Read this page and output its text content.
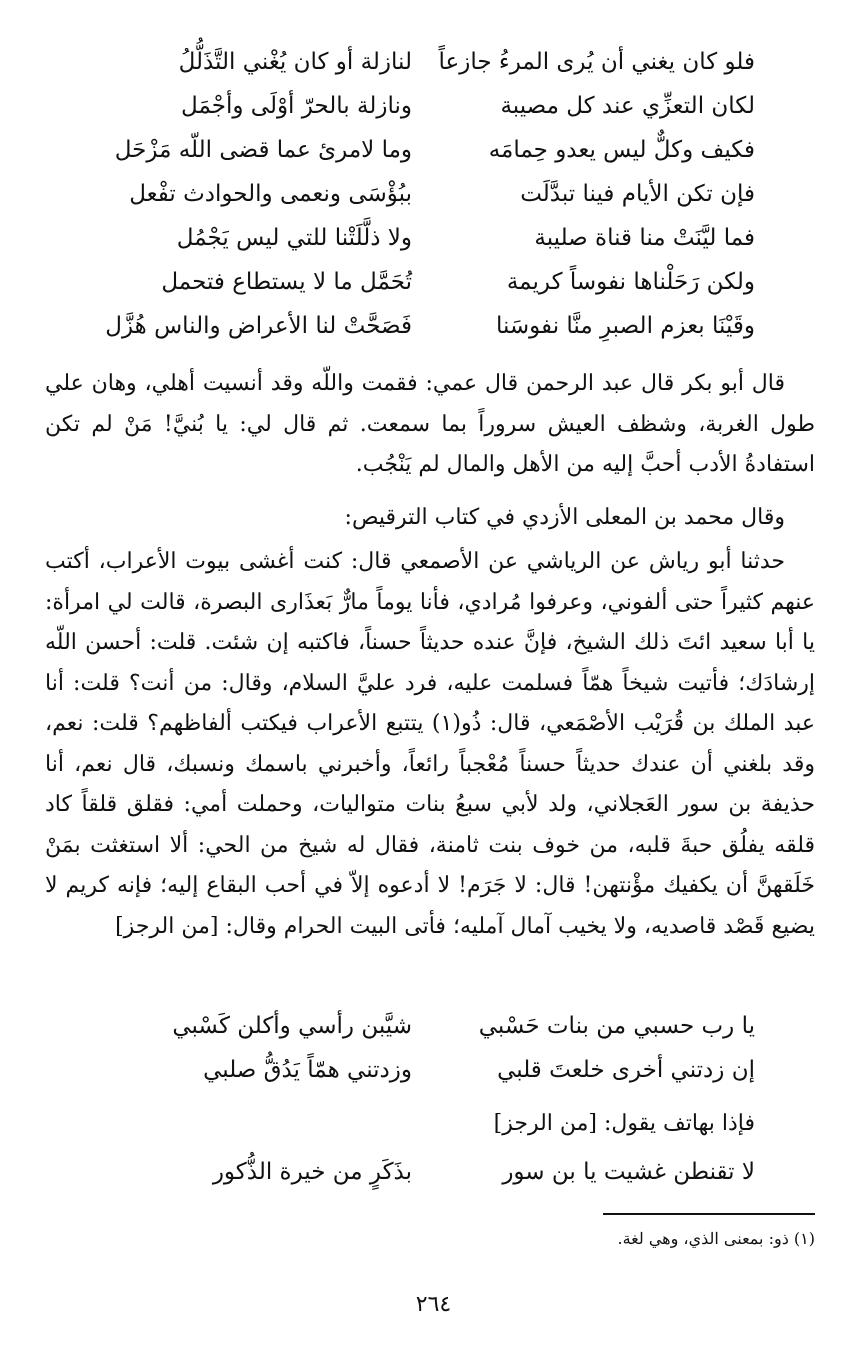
فلو كان يغني أن يُرى المرءُ جازعاً
لنازلة أو كان يُغْني التَّذَلُّلُ
لكان التعزِّي عند كل مصيبة
ونازلة بالحرّ أوْلَى وأجْمَل
فكيف وكلٌّ ليس يعدو حِمامَه
وما لامرئ عما قضى اللّه مَزْحَل
فإن تكن الأيام فينا تبدَّلَت
ببُؤْسَى ونعمى والحوادث تفْعل
فما ليَّنَتْ منا قناة صليبة
ولا ذلَّلَتْنا للتي ليس يَجْمُل
ولكن رَحَلْناها نفوساً كريمة
تُحَمَّل ما لا يستطاع فتحمل
وقَيْنَا بعزم الصبرِ منَّا نفوسَنا
فَصَحَّتْ لنا الأعراض والناس هُزَّل

قال أبو بكر قال عبد الرحمن قال عمي: فقمت واللّه وقد أنسيت أهلي، وهان علي طول الغربة، وشظف العيش سروراً بما سمعت. ثم قال لي: يا بُنيَّ! مَنْ لم تكن استفادةُ الأدب أحبَّ إليه من الأهل والمال لم يَنْجُب.

وقال محمد بن المعلى الأزدي في كتاب الترقيص:

حدثنا أبو رياش عن الرياشي عن الأصمعي قال: كنت أغشى بيوت الأعراب، أكتب عنهم كثيراً حتى ألفوني، وعرفوا مُرادي، فأنا يوماً مارٌّ بَعذَارى البصرة، قالت لي امرأة: يا أبا سعيد ائتَ ذلك الشيخ، فإنَّ عنده حديثاً حسناً، فاكتبه إن شئت. قلت: أحسن اللّه إرشادَك؛ فأتيت شيخاً همّاً فسلمت عليه، فرد عليَّ السلام، وقال: من أنت؟ قلت: أنا عبد الملك بن قُرَيْب الأصْمَعي، قال: ذُو(١) يتتبع الأعراب فيكتب ألفاظهم؟ قلت: نعم، وقد بلغني أن عندك حديثاً حسناً مُعْجباً رائعاً، وأخبرني باسمك ونسبك، قال نعم، أنا حذيفة بن سور العَجلاني، ولد لأبي سبعُ بنات متواليات، وحملت أمي: فقلق قلقاً كاد قلقه يفلُق حبةَ قلبه، من خوف بنت ثامنة، فقال له شيخ من الحي: ألا استغثت بمَنْ خَلَقهنَّ أن يكفيك مؤْنتهن! قال: لا جَرَم! لا أدعوه إلاّ في أحب البقاع إليه؛ فإنه كريم لا يضيع قَصْد قاصديه، ولا يخيب آمال آمليه؛ فأتى البيت الحرام وقال: [من الرجز]

يا رب حسبي من بنات حَسْبي
شيَّبن رأسي وأكلن كَسْبي
إن زدتني أخرى خلعتَ قلبي
وزدتني همّاً يَدُقُّ صلبي
فإذا بهاتف يقول: [من الرجز]
لا تقنطن غشيت يا بن سور
بذَكَرٍ من خيرة الذُّكور
(١) ذو: بمعنى الذي، وهي لغة.
٢٦٤
